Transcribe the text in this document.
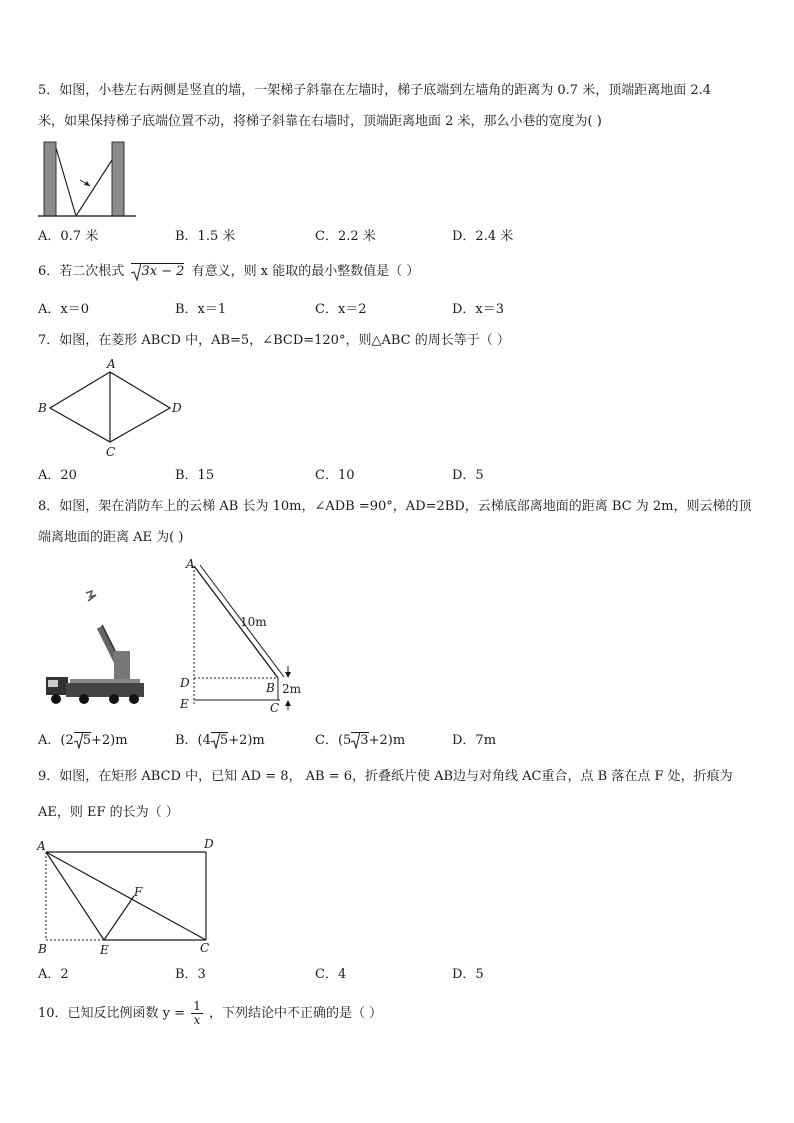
5．如图，小巷左右两侧是竖直的墙，一架梯子斜靠在左墙时，梯子底端到左墙角的距离为 0.7 米，顶端距离地面 2.4
米，如果保持梯子底端位置不动，将梯子斜靠在右墙时，顶端距离地面 2 米，那么小巷的宽度为( )
A．0.7 米	B．1.5 米	C．2.2 米	D．2.4 米
6．若二次根式 3x − 2 有意义，则 x 能取的最小整数值是（ ）
A．x＝0	B．x＝1	C．x＝2	D．x＝3
7．如图，在菱形 ABCD 中，AB=5，∠BCD=120°，则△ABC 的周长等于（ ）
A
B
C
D
A．20	B．15	C．10	D．5
8．如图，架在消防车上的云梯 AB 长为 10m，∠ADB =90°，AD=2BD，云梯底部离地面的距离 BC 为 2m，则云梯的顶
端离地面的距离 AE 为( )
A
D
E
B
C
10m
2m
A．(2 5+2)m	B．(4 5+2)m	C．(5 3+2)m	D．7m
9．如图，在矩形 ABCD 中，已知 AD = 8， AB = 6，折叠纸片使 AB边与对角线 AC重合，点 B 落在点 F 处，折痕为
AE，则 EF 的长为（ ）
A	D
F
B	E	C
A．2	B．3	C．4	D．5
10．已知反比例函数 $y = \frac{1}{x}$ ，下列结论中不正确的是（ ）
